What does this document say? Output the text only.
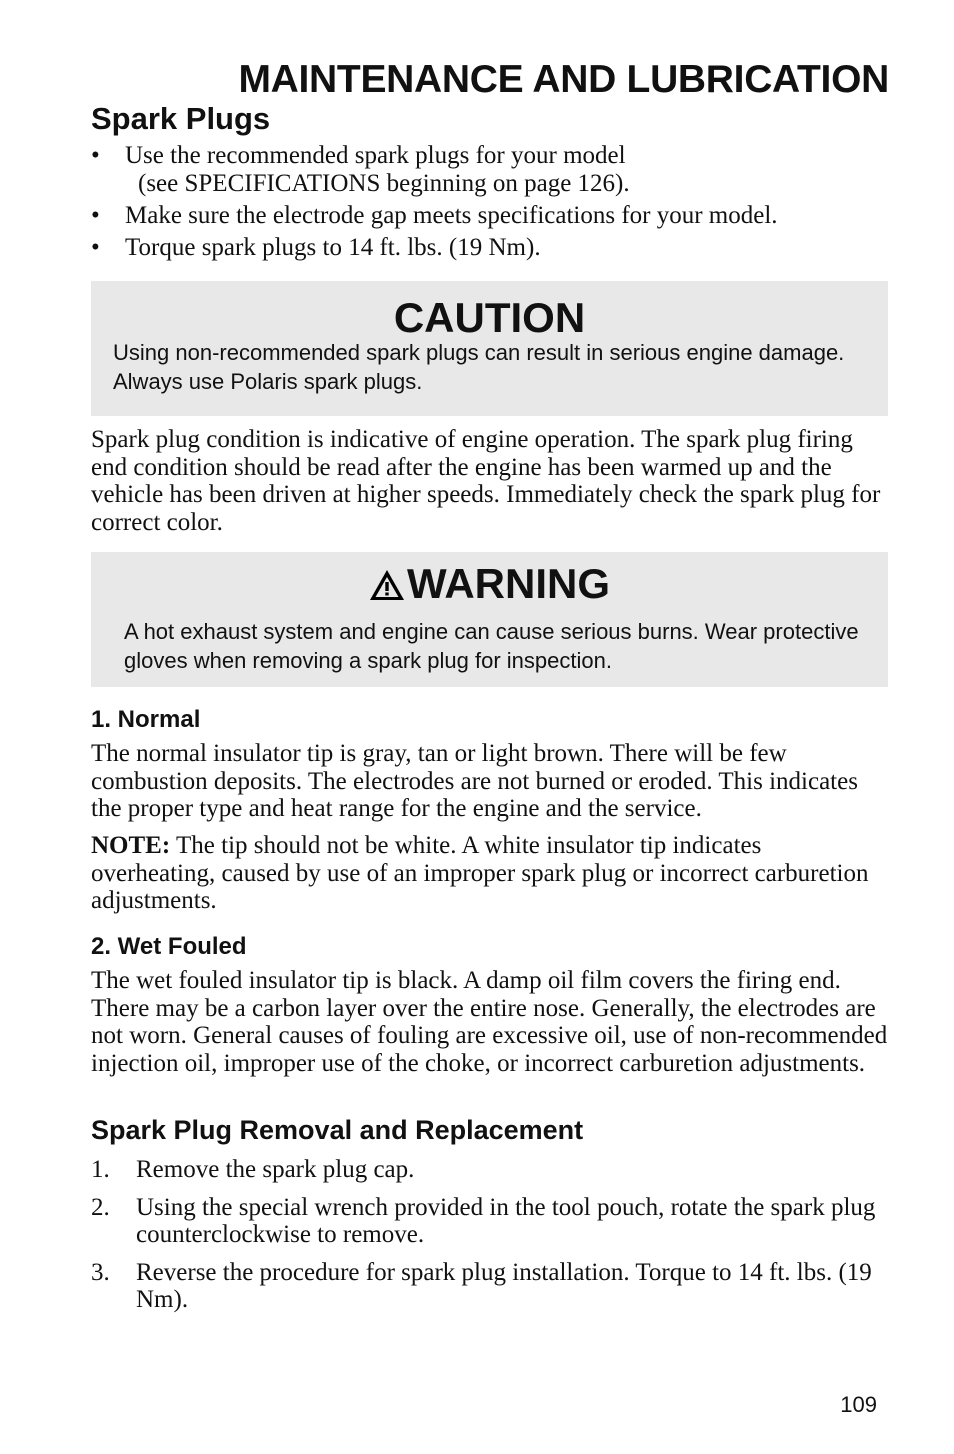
MAINTENANCE AND LUBRICATION
Spark Plugs
• Use the recommended spark plugs for your model
(see SPECIFICATIONS beginning on page 126).
• Make sure the electrode gap meets specifications for your model.
• Torque spark plugs to 14 ft. lbs. (19 Nm).
CAUTION
Using non-recommended spark plugs can result in serious engine damage. Always use Polaris spark plugs.

Spark plug condition is indicative of engine operation. The spark plug firing end condition should be read after the engine has been warmed up and the vehicle has been driven at higher speeds. Immediately check the spark plug for correct color.

WARNING
A hot exhaust system and engine can cause serious burns. Wear protective gloves when removing a spark plug for inspection.
1. Normal

The normal insulator tip is gray, tan or light brown. There will be few combustion deposits. The electrodes are not burned or eroded. This indicates the proper type and heat range for the engine and the service.

NOTE: The tip should not be white. A white insulator tip indicates overheating, caused by use of an improper spark plug or incorrect carburetion adjustments.

2. Wet Fouled

The wet fouled insulator tip is black. A damp oil film covers the firing end. There may be a carbon layer over the entire nose. Generally, the electrodes are not worn. General causes of fouling are excessive oil, use of non-recommended injection oil, improper use of the choke, or incorrect carburetion adjustments.

Spark Plug Removal and Replacement
1. Remove the spark plug cap.
2. Using the special wrench provided in the tool pouch, rotate the spark plug counterclockwise to remove.
3. Reverse the procedure for spark plug installation. Torque to 14 ft. lbs. (19 Nm).
109
